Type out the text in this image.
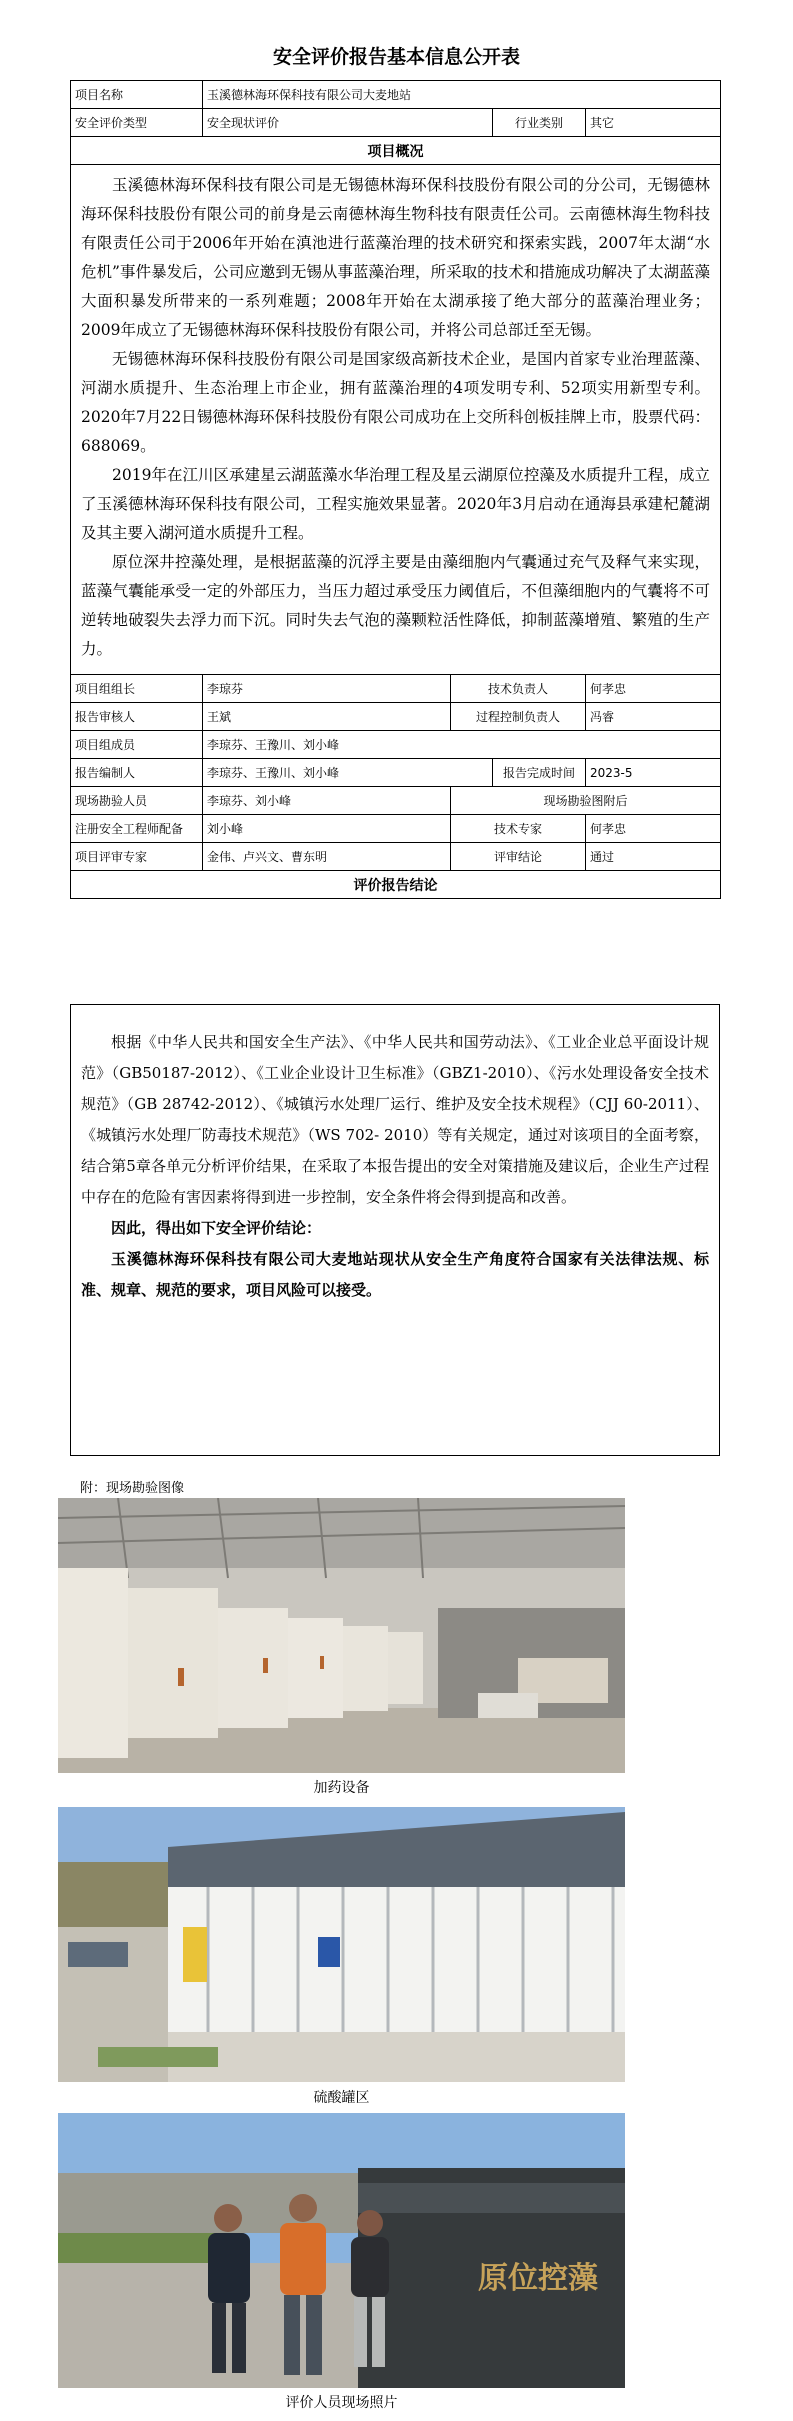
安全评价报告基本信息公开表
项目名称	玉溪德林海环保科技有限公司大麦地站			
安全评价类型	安全现状评价		行业类别	其它
项目概况				

玉溪德林海环保科技有限公司是无锡德林海环保科技股份有限公司的分公司，无锡德林海环保科技股份有限公司的前身是云南德林海生物科技有限责任公司。云南德林海生物科技有限责任公司于2006年开始在滇池进行蓝藻治理的技术研究和探索实践，2007年太湖“水危机”事件暴发后，公司应邀到无锡从事蓝藻治理，所采取的技术和措施成功解决了太湖蓝藻大面积暴发所带来的一系列难题；2008年开始在太湖承接了绝大部分的蓝藻治理业务；2009年成立了无锡德林海环保科技股份有限公司，并将公司总部迁至无锡。

无锡德林海环保科技股份有限公司是国家级高新技术企业，是国内首家专业治理蓝藻、河湖水质提升、生态治理上市企业，拥有蓝藻治理的4项发明专利、52项实用新型专利。2020年7月22日锡德林海环保科技股份有限公司成功在上交所科创板挂牌上市，股票代码：688069。

2019年在江川区承建星云湖蓝藻水华治理工程及星云湖原位控藻及水质提升工程，成立了玉溪德林海环保科技有限公司，工程实施效果显著。2020年3月启动在通海县承建杞麓湖及其主要入湖河道水质提升工程。

原位深井控藻处理，是根据蓝藻的沉浮主要是由藻细胞内气囊通过充气及释气来实现，蓝藻气囊能承受一定的外部压力，当压力超过承受压力阈值后，不但藻细胞内的气囊将不可逆转地破裂失去浮力而下沉。同时失去气泡的藻颗粒活性降低，抑制蓝藻增殖、繁殖的生产力。				

项目组组长	李琼芬	技术负责人		何孝忠
报告审核人	王斌	过程控制负责人		冯睿
项目组成员	李琼芬、王豫川、刘小峰			
报告编制人	李琼芬、王豫川、刘小峰		报告完成时间	2023-5
现场勘验人员	李琼芬、刘小峰	现场勘验图附后		
注册安全工程师配备	刘小峰	技术专家		何孝忠
项目评审专家	金伟、卢兴文、曹东明	评审结论		通过
评价报告结论				

根据《中华人民共和国安全生产法》、《中华人民共和国劳动法》、《工业企业总平面设计规范》（GB50187-2012）、《工业企业设计卫生标准》（GBZ1-2010）、《污水处理设备安全技术规范》（GB 28742-2012）、《城镇污水处理厂运行、维护及安全技术规程》（CJJ 60-2011）、《城镇污水处理厂防毒技术规范》（WS 702- 2010）等有关规定，通过对该项目的全面考察，结合第5章各单元分析评价结果，在采取了本报告提出的安全对策措施及建议后，企业生产过程中存在的危险有害因素将得到进一步控制，安全条件将会得到提高和改善。

因此，得出如下安全评价结论：

玉溪德林海环保科技有限公司大麦地站现状从安全生产角度符合国家有关法律法规、标准、规章、规范的要求，项目风险可以接受。

附：现场勘验图像
加药设备
硫酸罐区
原位控藻
评价人员现场照片
